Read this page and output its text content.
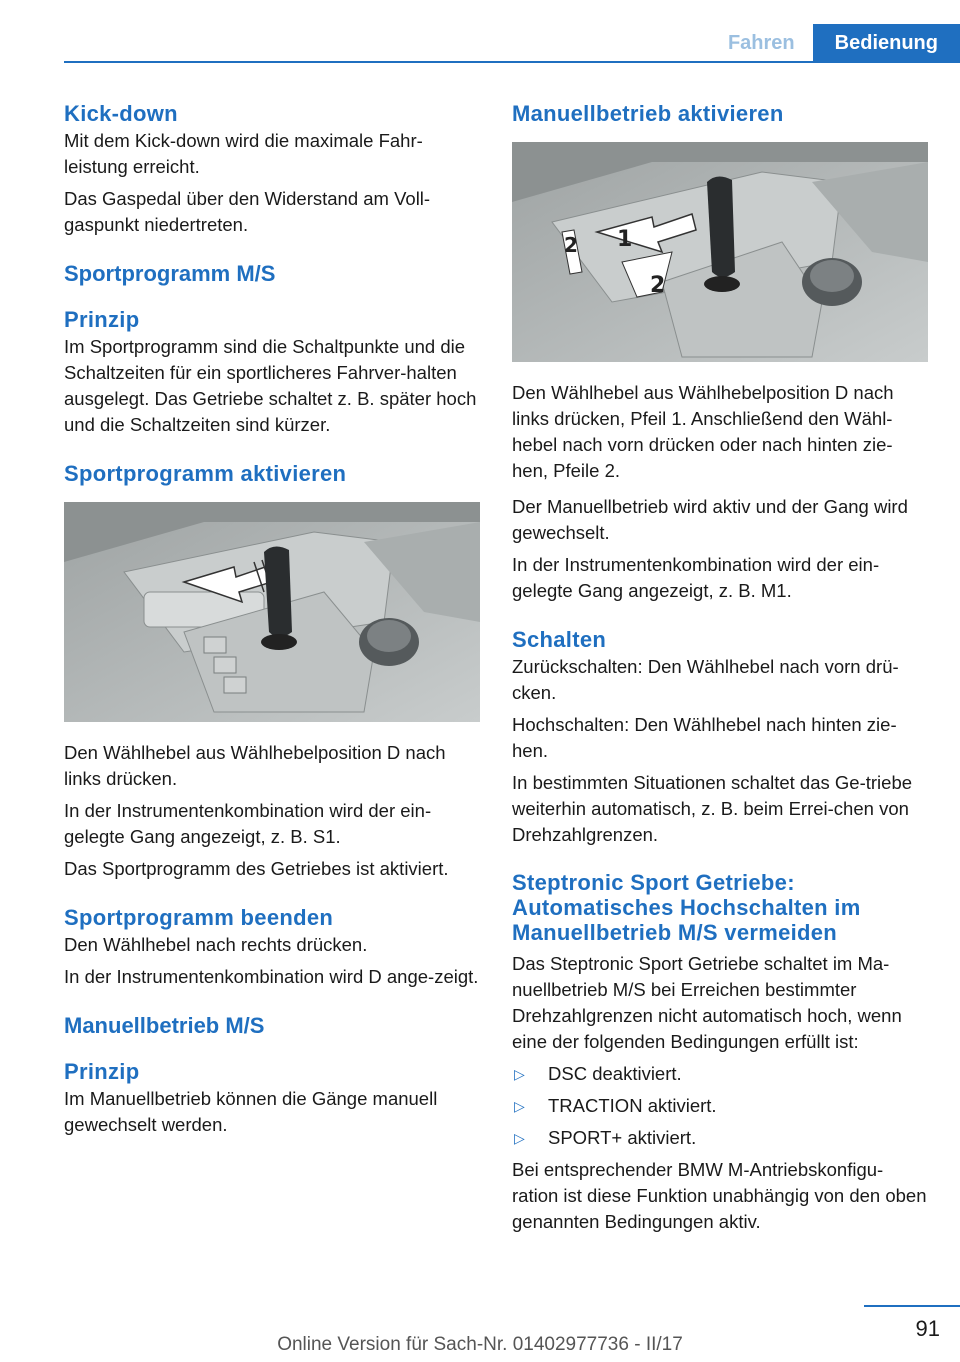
Fahren	Bedienung
Kick-down

Mit dem Kick-down wird die maximale Fahr-leistung erreicht.

Das Gaspedal über den Widerstand am Voll-gaspunkt niedertreten.

Sportprogramm M/S
Prinzip

Im Sportprogramm sind die Schaltpunkte und die Schaltzeiten für ein sportlicheres Fahrver-halten ausgelegt. Das Getriebe schaltet z. B. später hoch und die Schaltzeiten sind kürzer.

Sportprogramm aktivieren

Den Wählhebel aus Wählhebelposition D nach links drücken.

In der Instrumentenkombination wird der ein-gelegte Gang angezeigt, z. B. S1.

Das Sportprogramm des Getriebes ist aktiviert.

Sportprogramm beenden

Den Wählhebel nach rechts drücken.

In der Instrumentenkombination wird D ange-zeigt.

Manuellbetrieb M/S
Prinzip

Im Manuellbetrieb können die Gänge manuell gewechselt werden.

Manuellbetrieb aktivieren
1
2
2

Den Wählhebel aus Wählhebelposition D nach links drücken, Pfeil 1. Anschließend den Wähl-hebel nach vorn drücken oder nach hinten zie-hen, Pfeile 2.

Der Manuellbetrieb wird aktiv und der Gang wird gewechselt.

In der Instrumentenkombination wird der ein-gelegte Gang angezeigt, z. B. M1.

Schalten

Zurückschalten: Den Wählhebel nach vorn drü-cken.

Hochschalten: Den Wählhebel nach hinten zie-hen.

In bestimmten Situationen schaltet das Ge-triebe weiterhin automatisch, z. B. beim Errei-chen von Drehzahlgrenzen.

Steptronic Sport Getriebe: Automatisches Hochschalten im Manuellbetrieb M/S vermeiden

Das Steptronic Sport Getriebe schaltet im Ma-nuellbetrieb M/S bei Erreichen bestimmter Drehzahlgrenzen nicht automatisch hoch, wenn eine der folgenden Bedingungen erfüllt ist:

▷	DSC deaktiviert.
▷	TRACTION aktiviert.
▷	SPORT+ aktiviert.

Bei entsprechender BMW M-Antriebskonfigu-ration ist diese Funktion unabhängig von den oben genannten Bedingungen aktiv.

91
Online Version für Sach-Nr. 01402977736 - II/17
